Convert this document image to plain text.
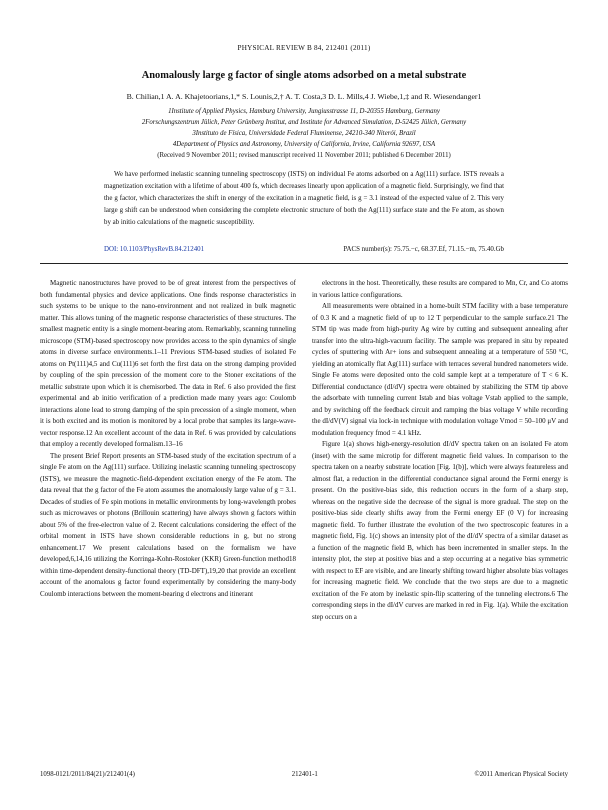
PHYSICAL REVIEW B 84, 212401 (2011)
Anomalously large g factor of single atoms adsorbed on a metal substrate
B. Chilian,1 A. A. Khajetoorians,1,* S. Lounis,2,† A. T. Costa,3 D. L. Mills,4 J. Wiebe,1,‡ and R. Wiesendanger1
1Institute of Applied Physics, Hamburg University, Jungiusstrasse 11, D-20355 Hamburg, Germany
2Forschungszentrum Jülich, Peter Grünberg Institut, and Institute for Advanced Simulation, D-52425 Jülich, Germany
3Instituto de Física, Universidade Federal Fluminense, 24210-340 Niterói, Brazil
4Department of Physics and Astronomy, University of California, Irvine, California 92697, USA
(Received 9 November 2011; revised manuscript received 11 November 2011; published 6 December 2011)
We have performed inelastic scanning tunneling spectroscopy (ISTS) on individual Fe atoms adsorbed on a Ag(111) surface. ISTS reveals a magnetization excitation with a lifetime of about 400 fs, which decreases linearly upon application of a magnetic field. Surprisingly, we find that the g factor, which characterizes the shift in energy of the excitation in a magnetic field, is g = 3.1 instead of the expected value of 2. This very large g shift can be understood when considering the complete electronic structure of both the Ag(111) surface state and the Fe atom, as shown by ab initio calculations of the magnetic susceptibility.
DOI: 10.1103/PhysRevB.84.212401	PACS number(s): 75.75.−c, 68.37.Ef, 71.15.−m, 75.40.Gb

Magnetic nanostructures have proved to be of great interest from the perspectives of both fundamental physics and device applications. One finds response characteristics in such systems to be unique to the nano-environment and not realized in bulk magnetic matter. This allows tuning of the magnetic response characteristics of these structures. The smallest magnetic entity is a single moment-bearing atom. Remarkably, scanning tunneling microscope (STM)-based spectroscopy now provides access to the spin dynamics of single atoms in diverse surface environments.1–11 Previous STM-based studies of isolated Fe atoms on Pt(111)4,5 and Cu(111)6 set forth the first data on the strong damping provided by coupling of the spin precession of the moment core to the Stoner excitations of the metallic substrate upon which it is chemisorbed. The data in Ref. 6 also provided the first experimental and ab initio verification of a prediction made many years ago: Coulomb interactions alone lead to strong damping of the spin precession of a single moment, when it is both excited and its motion is monitored by a local probe that samples its large-wave-vector response.12 An excellent account of the data in Ref. 6 was provided by calculations that employ a recently developed formalism.13–16

The present Brief Report presents an STM-based study of the excitation spectrum of a single Fe atom on the Ag(111) surface. Utilizing inelastic scanning tunneling spectroscopy (ISTS), we measure the magnetic-field-dependent excitation energy of the Fe atom. The data reveal that the g factor of the Fe atom assumes the anomalously large value of g = 3.1. Decades of studies of Fe spin motions in metallic environments by long-wavelength probes such as microwaves or photons (Brillouin scattering) have always shown g factors within about 5% of the free-electron value of 2. Recent calculations considering the effect of the orbital moment in ISTS have shown considerable reductions in g, but no strong enhancement.17 We present calculations based on the formalism we have developed,6,14,16 utilizing the Korringa-Kohn-Rostoker (KKR) Green-function method18 within time-dependent density-functional theory (TD-DFT),19,20 that provide an excellent account of the anomalous g factor found experimentally by considering the many-body Coulomb interactions between the moment-bearing d electrons and itinerant

electrons in the host. Theoretically, these results are compared to Mn, Cr, and Co atoms in various lattice configurations.

All measurements were obtained in a home-built STM facility with a base temperature of 0.3 K and a magnetic field of up to 12 T perpendicular to the sample surface.21 The STM tip was made from high-purity Ag wire by cutting and subsequent annealing after transfer into the ultra-high-vacuum facility. The sample was prepared in situ by repeated cycles of sputtering with Ar+ ions and subsequent annealing at a temperature of 550 °C, yielding an atomically flat Ag(111) surface with terraces several hundred nanometers wide. Single Fe atoms were deposited onto the cold sample kept at a temperature of T < 6 K. Differential conductance (dI/dV) spectra were obtained by stabilizing the STM tip above the adsorbate with tunneling current Istab and bias voltage Vstab applied to the sample, and by switching off the feedback circuit and ramping the bias voltage V while recording the dI/dV(V) signal via lock-in technique with modulation voltage Vmod = 50–100 μV and modulation frequency fmod = 4.1 kHz.

Figure 1(a) shows high-energy-resolution dI/dV spectra taken on an isolated Fe atom (inset) with the same microtip for different magnetic field values. In comparison to the spectra taken on a nearby substrate location [Fig. 1(b)], which were always featureless and almost flat, a reduction in the differential conductance signal around the Fermi energy is present. On the positive-bias side, this reduction occurs in the form of a sharp step, whereas on the negative side the decrease of the signal is more gradual. The step on the positive-bias side clearly shifts away from the Fermi energy EF (0 V) for increasing magnetic field. To further illustrate the evolution of the two spectroscopic features in a magnetic field, Fig. 1(c) shows an intensity plot of the dI/dV spectra of a similar dataset as a function of the magnetic field B, which has been incremented in smaller steps. In the intensity plot, the step at positive bias and a step occurring at a negative bias symmetric with respect to EF are visible, and are linearly shifting toward higher absolute bias voltages for increasing magnetic field. We conclude that the two steps are due to a magnetic excitation of the Fe atom by inelastic spin-flip scattering of the tunneling electrons.6 The corresponding steps in the dI/dV curves are marked in red in Fig. 1(a). While the excitation step occurs on a

1098-0121/2011/84(21)/212401(4)	212401-1	©2011 American Physical Society
